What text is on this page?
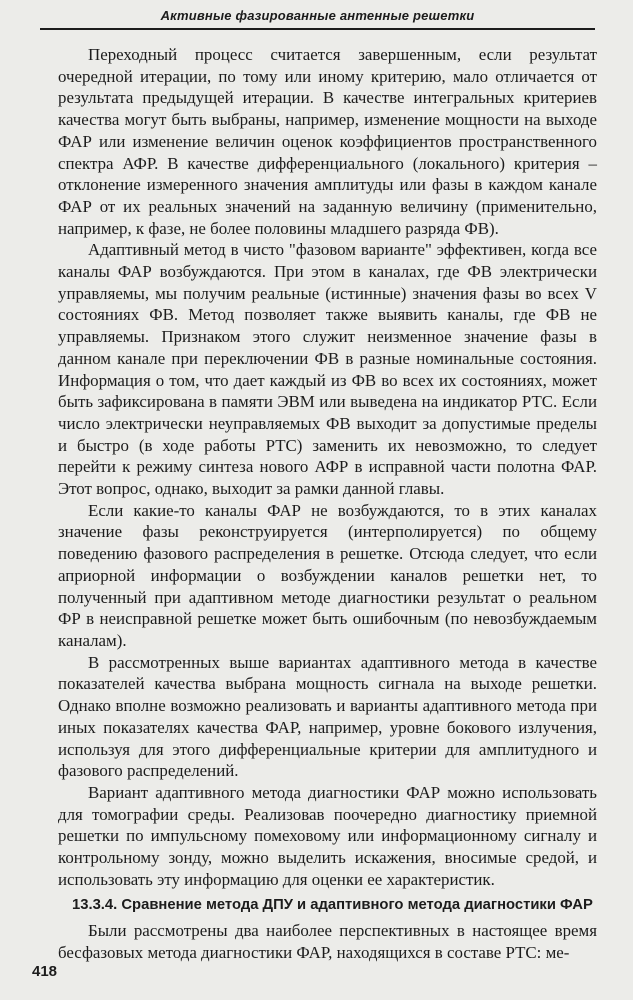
Активные фазированные антенные решетки

Переходный процесс считается завершенным, если результат очередной итерации, по тому или иному критерию, мало отличается от результата предыдущей итерации. В качестве интегральных критериев качества могут быть выбраны, например, изменение мощности на выходе ФАР или изменение величин оценок коэффициентов пространственного спектра АФР. В качестве дифференциального (локального) критерия – отклонение измеренного значения амплитуды или фазы в каждом канале ФАР от их реальных значений на заданную величину (применительно, например, к фазе, не более половины младшего разряда ФВ).

Адаптивный метод в чисто "фазовом варианте" эффективен, когда все каналы ФАР возбуждаются. При этом в каналах, где ФВ электрически управляемы, мы получим реальные (истинные) значения фазы во всех V состояниях ФВ. Метод позволяет также выявить каналы, где ФВ не управляемы. Признаком этого служит неизменное значение фазы в данном канале при переключении ФВ в разные номинальные состояния. Информация о том, что дает каждый из ФВ во всех их состояниях, может быть зафиксирована в памяти ЭВМ или выведена на индикатор РТС. Если число электрически неуправляемых ФВ выходит за допустимые пределы и быстро (в ходе работы РТС) заменить их невозможно, то следует перейти к режиму синтеза нового АФР в исправной части полотна ФАР. Этот вопрос, однако, выходит за рамки данной главы.

Если какие-то каналы ФАР не возбуждаются, то в этих каналах значение фазы реконструируется (интерполируется) по общему поведению фазового распределения в решетке. Отсюда следует, что если априорной информации о возбуждении каналов решетки нет, то полученный при адаптивном методе диагностики результат о реальном ФР в неисправной решетке может быть ошибочным (по невозбуждаемым каналам).

В рассмотренных выше вариантах адаптивного метода в качестве показателей качества выбрана мощность сигнала на выходе решетки. Однако вполне возможно реализовать и варианты адаптивного метода при иных показателях качества ФАР, например, уровне бокового излучения, используя для этого дифференциальные критерии для амплитудного и фазового распределений.

Вариант адаптивного метода диагностики ФАР можно использовать для томографии среды. Реализовав поочередно диагностику приемной решетки по импульсному помеховому или информационному сигналу и контрольному зонду, можно выделить искажения, вносимые средой, и использовать эту информацию для оценки ее характеристик.

13.3.4. Сравнение метода ДПУ и адаптивного метода диагностики ФАР

Были рассмотрены два наиболее перспективных в настоящее время бесфазовых метода диагностики ФАР, находящихся в составе РТС: ме-

418
